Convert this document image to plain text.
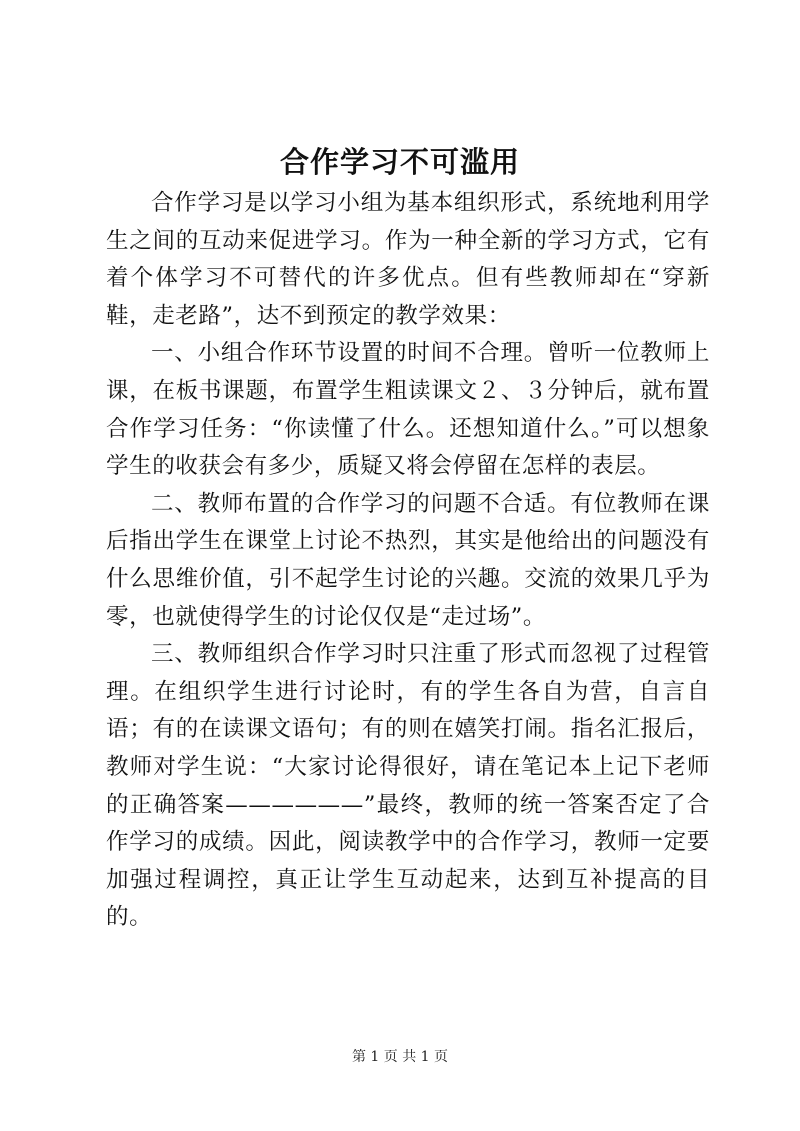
合作学习不可滥用

合作学习是以学习小组为基本组织形式，系统地利用学生之间的互动来促进学习。作为一种全新的学习方式，它有着个体学习不可替代的许多优点。但有些教师却在“穿新鞋，走老路”，达不到预定的教学效果：

一、小组合作环节设置的时间不合理。曾听一位教师上课，在板书课题，布置学生粗读课文２、３分钟后，就布置合作学习任务：“你读懂了什么。还想知道什么。”可以想象学生的收获会有多少，质疑又将会停留在怎样的表层。

二、教师布置的合作学习的问题不合适。有位教师在课后指出学生在课堂上讨论不热烈，其实是他给出的问题没有什么思维价值，引不起学生讨论的兴趣。交流的效果几乎为零，也就使得学生的讨论仅仅是“走过场”。

三、教师组织合作学习时只注重了形式而忽视了过程管理。在组织学生进行讨论时，有的学生各自为营，自言自语；有的在读课文语句；有的则在嬉笑打闹。指名汇报后，教师对学生说：“大家讨论得很好，请在笔记本上记下老师的正确答案——————”最终，教师的统一答案否定了合作学习的成绩。因此，阅读教学中的合作学习，教师一定要加强过程调控，真正让学生互动起来，达到互补提高的目的。

第 1 页 共 1 页
